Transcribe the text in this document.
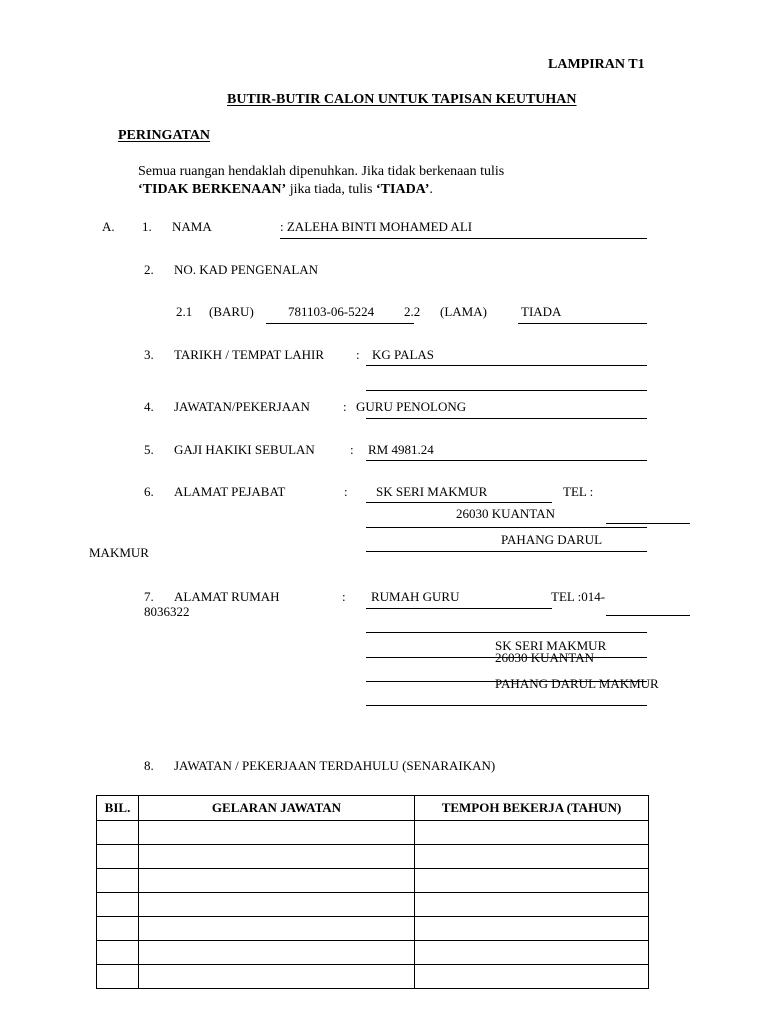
LAMPIRAN T1
BUTIR-BUTIR CALON UNTUK TAPISAN KEUTUHAN
PERINGATAN
Semua ruangan hendaklah dipenuhkan. Jika tidak berkenaan tulis
‘TIDAK BERKENAAN’ jika tiada, tulis ‘TIADA’.
A. 1. NAMA	: ZALEHA BINTI MOHAMED ALI
2. NO. KAD PENGENALAN
2.1 (BARU)	781103-06-5224 2.2 (LAMA)	TIADA
3. TARIKH / TEMPAT LAHIR : KG PALAS
4. JAWATAN/PEKERJAAN	: GURU PENOLONG
5. GAJI HAKIKI SEBULAN	: RM 4981.24
6. ALAMAT PEJABAT	: SK SERI MAKMUR	TEL :
26030 KUANTAN
PAHANG DARUL
MAKMUR
7. ALAMAT RUMAH	: RUMAH GURU	TEL :014-
8036322
SK SERI MAKMUR
26030 KUANTAN
PAHANG DARUL MAKMUR
8. JAWATAN / PEKERJAAN TERDAHULU (SENARAIKAN)
BIL.	GELARAN JAWATAN	TEMPOH BEKERJA (TAHUN)
